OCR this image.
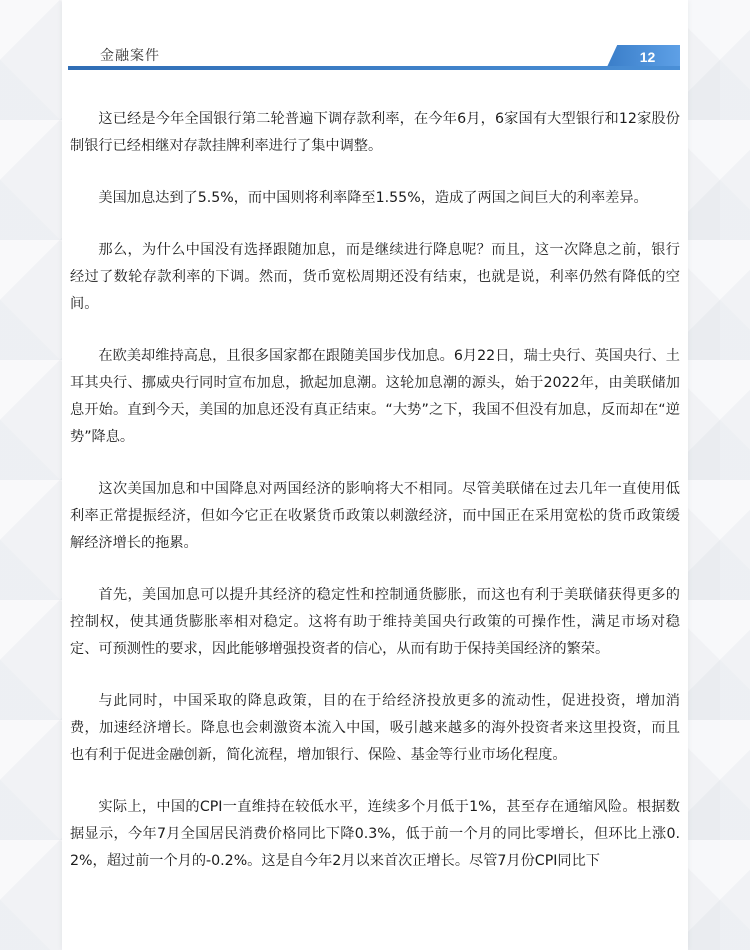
金融案件	12

这已经是今年全国银行第二轮普遍下调存款利率，在今年6月，6家国有大型银行和12家股份制银行已经相继对存款挂牌利率进行了集中调整。

美国加息达到了5.5%，而中国则将利率降至1.55%，造成了两国之间巨大的利率差异。

那么，为什么中国没有选择跟随加息，而是继续进行降息呢？而且，这一次降息之前，银行经过了数轮存款利率的下调。然而，货币宽松周期还没有结束，也就是说，利率仍然有降低的空间。

在欧美却维持高息，且很多国家都在跟随美国步伐加息。6月22日，瑞士央行、英国央行、土耳其央行、挪威央行同时宣布加息，掀起加息潮。这轮加息潮的源头，始于2022年，由美联储加息开始。直到今天，美国的加息还没有真正结束。“大势”之下，我国不但没有加息，反而却在“逆势”降息。

这次美国加息和中国降息对两国经济的影响将大不相同。尽管美联储在过去几年一直使用低利率正常提振经济，但如今它正在收紧货币政策以刺激经济，而中国正在采用宽松的货币政策缓解经济增长的拖累。

首先，美国加息可以提升其经济的稳定性和控制通货膨胀，而这也有利于美联储获得更多的控制权，使其通货膨胀率相对稳定。这将有助于维持美国央行政策的可操作性，满足市场对稳定、可预测性的要求，因此能够增强投资者的信心，从而有助于保持美国经济的繁荣。

与此同时，中国采取的降息政策，目的在于给经济投放更多的流动性，促进投资，增加消费，加速经济增长。降息也会刺激资本流入中国，吸引越来越多的海外投资者来这里投资，而且也有利于促进金融创新，简化流程，增加银行、保险、基金等行业市场化程度。

实际上，中国的CPI一直维持在较低水平，连续多个月低于1%，甚至存在通缩风险。根据数据显示，今年7月全国居民消费价格同比下降0.3%，低于前一个月的同比零增长，但环比上涨0.2%，超过前一个月的-0.2%。这是自今年2月以来首次正增长。尽管7月份CPI同比下
